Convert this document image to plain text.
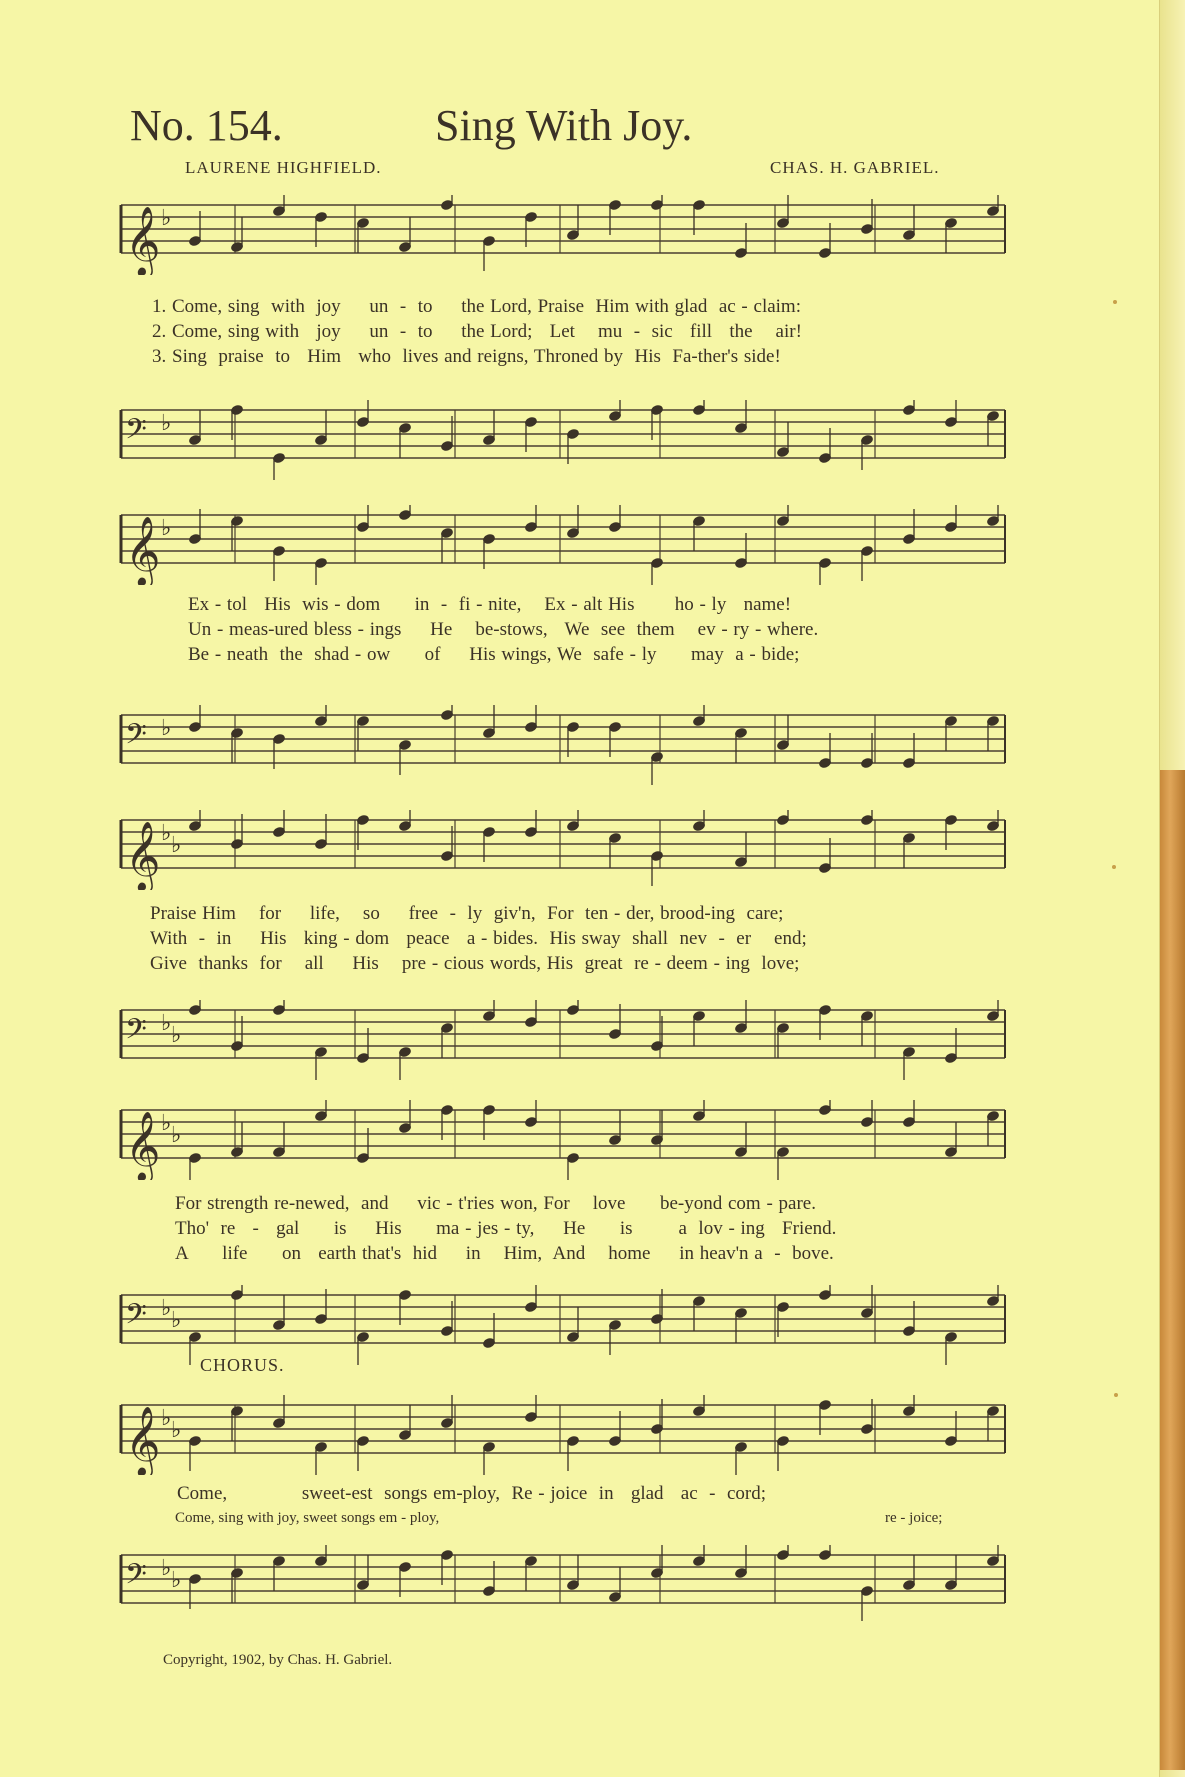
No. 154.	Sing With Joy.
LAURENE HIGHFIELD.	CHAS. H. GABRIEL.
𝄞 ♭
1. Come, sing  with  joy     un  -  to     the Lord, Praise  Him with glad  ac - claim:
2. Come, sing with   joy     un  -  to     the Lord;   Let    mu  -  sic   fill   the    air!
3. Sing  praise  to   Him   who  lives and reigns, Throned by  His  Fa-ther's side!
𝄢 ♭
𝄞 ♭
Ex - tol   His  wis - dom      in  -  fi - nite,    Ex - alt His       ho - ly   name!
Un - meas-ured bless - ings     He    be-stows,   We  see  them    ev - ry - where.
Be - neath  the  shad - ow      of     His wings, We  safe - ly      may  a - bide;
𝄢 ♭
𝄞 ♭ ♭
Praise Him    for     life,    so     free  -  ly  giv'n,  For  ten - der, brood-ing  care;
With  -  in     His   king - dom   peace   a - bides.  His sway  shall  nev  -  er    end;
Give  thanks  for    all     His    pre - cious words, His  great  re - deem - ing  love;
𝄢 ♭ ♭
𝄞 ♭ ♭
For strength re-newed,  and     vic - t'ries won, For    love      be-yond com - pare.
Tho'  re   -   gal      is     His      ma - jes - ty,     He      is        a  lov - ing   Friend.
A      life      on   earth that's  hid     in    Him,  And    home     in heav'n a  -  bove.
𝄢 ♭ ♭
CHORUS.
𝄞 ♭ ♭
Come,             sweet-est  songs em-ploy,  Re - joice  in   glad   ac  -  cord;
Come, sing with joy, sweet songs em - ploy,	re - joice;
𝄢 ♭ ♭
Copyright, 1902, by Chas. H. Gabriel.
